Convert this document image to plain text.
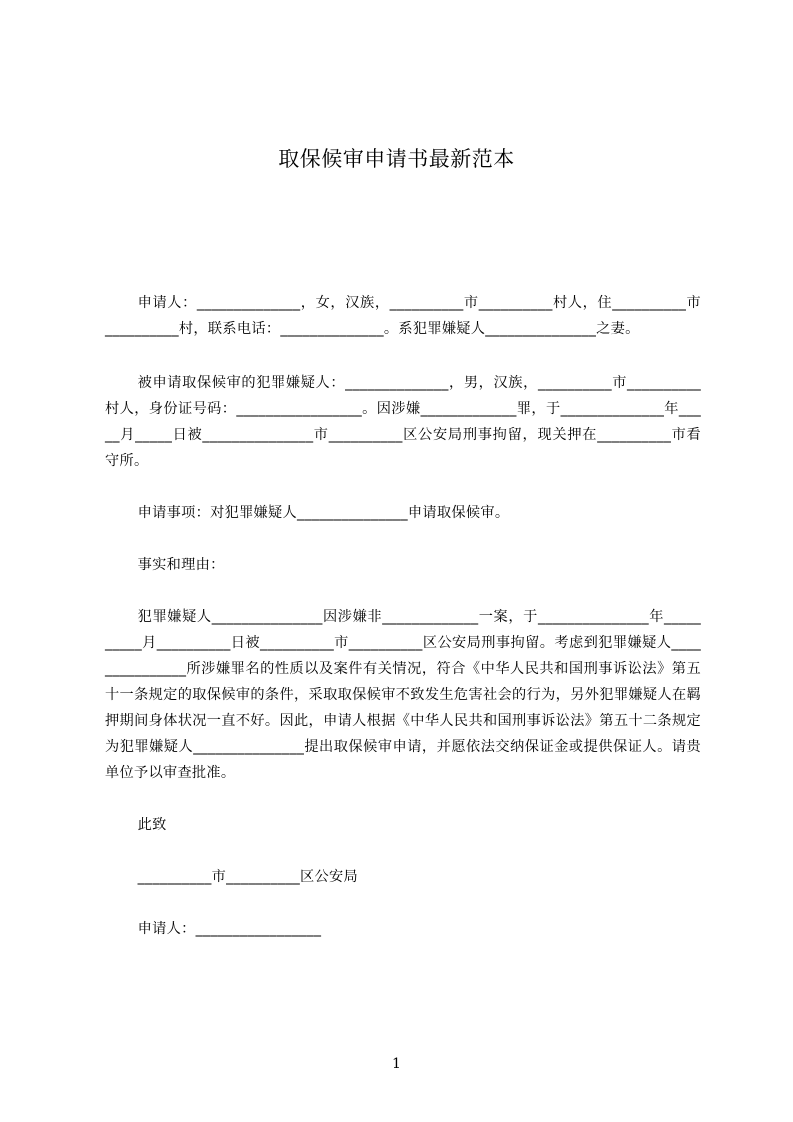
取保候审申请书最新范本

申请人：______________，女，汉族，__________市__________村人，住__________市__________村，联系电话：______________。系犯罪嫌疑人_______________之妻。

被申请取保候审的犯罪嫌疑人：______________，男，汉族，__________市__________村人，身份证号码：_________________。因涉嫌_____________罪，于______________年_____月_____日被_______________市__________区公安局刑事拘留，现关押在__________市看守所。

申请事项：对犯罪嫌疑人_______________申请取保候审。

事实和理由：

犯罪嫌疑人_______________因涉嫌非_____________一案，于_______________年__________月__________日被__________市__________区公安局刑事拘留。考虑到犯罪嫌疑人_______________所涉嫌罪名的性质以及案件有关情况，符合《中华人民共和国刑事诉讼法》第五十一条规定的取保候审的条件，采取取保候审不致发生危害社会的行为，另外犯罪嫌疑人在羁押期间身体状况一直不好。因此，申请人根据《中华人民共和国刑事诉讼法》第五十二条规定为犯罪嫌疑人_______________提出取保候审申请，并愿依法交纳保证金或提供保证人。请贵单位予以审查批准。

此致

__________市__________区公安局

申请人：_________________

1
